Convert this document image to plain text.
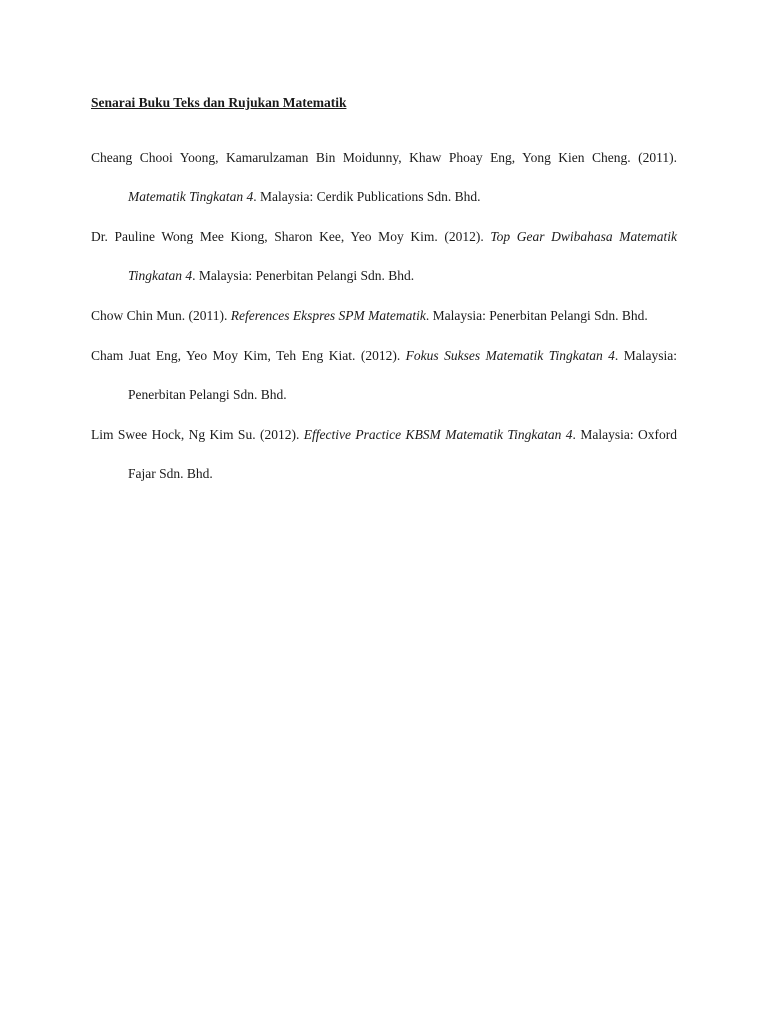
Senarai Buku Teks dan Rujukan Matematik

Cheang Chooi Yoong, Kamarulzaman Bin Moidunny, Khaw Phoay Eng, Yong Kien Cheng. (2011). Matematik Tingkatan 4. Malaysia: Cerdik Publications Sdn. Bhd.

Dr. Pauline Wong Mee Kiong, Sharon Kee, Yeo Moy Kim. (2012). Top Gear Dwibahasa Matematik Tingkatan 4. Malaysia: Penerbitan Pelangi Sdn. Bhd.

Chow Chin Mun. (2011). References Ekspres SPM Matematik. Malaysia: Penerbitan Pelangi Sdn. Bhd.

Cham Juat Eng, Yeo Moy Kim, Teh Eng Kiat. (2012). Fokus Sukses Matematik Tingkatan 4. Malaysia: Penerbitan Pelangi Sdn. Bhd.

Lim Swee Hock, Ng Kim Su. (2012). Effective Practice KBSM Matematik Tingkatan 4. Malaysia: Oxford Fajar Sdn. Bhd.
